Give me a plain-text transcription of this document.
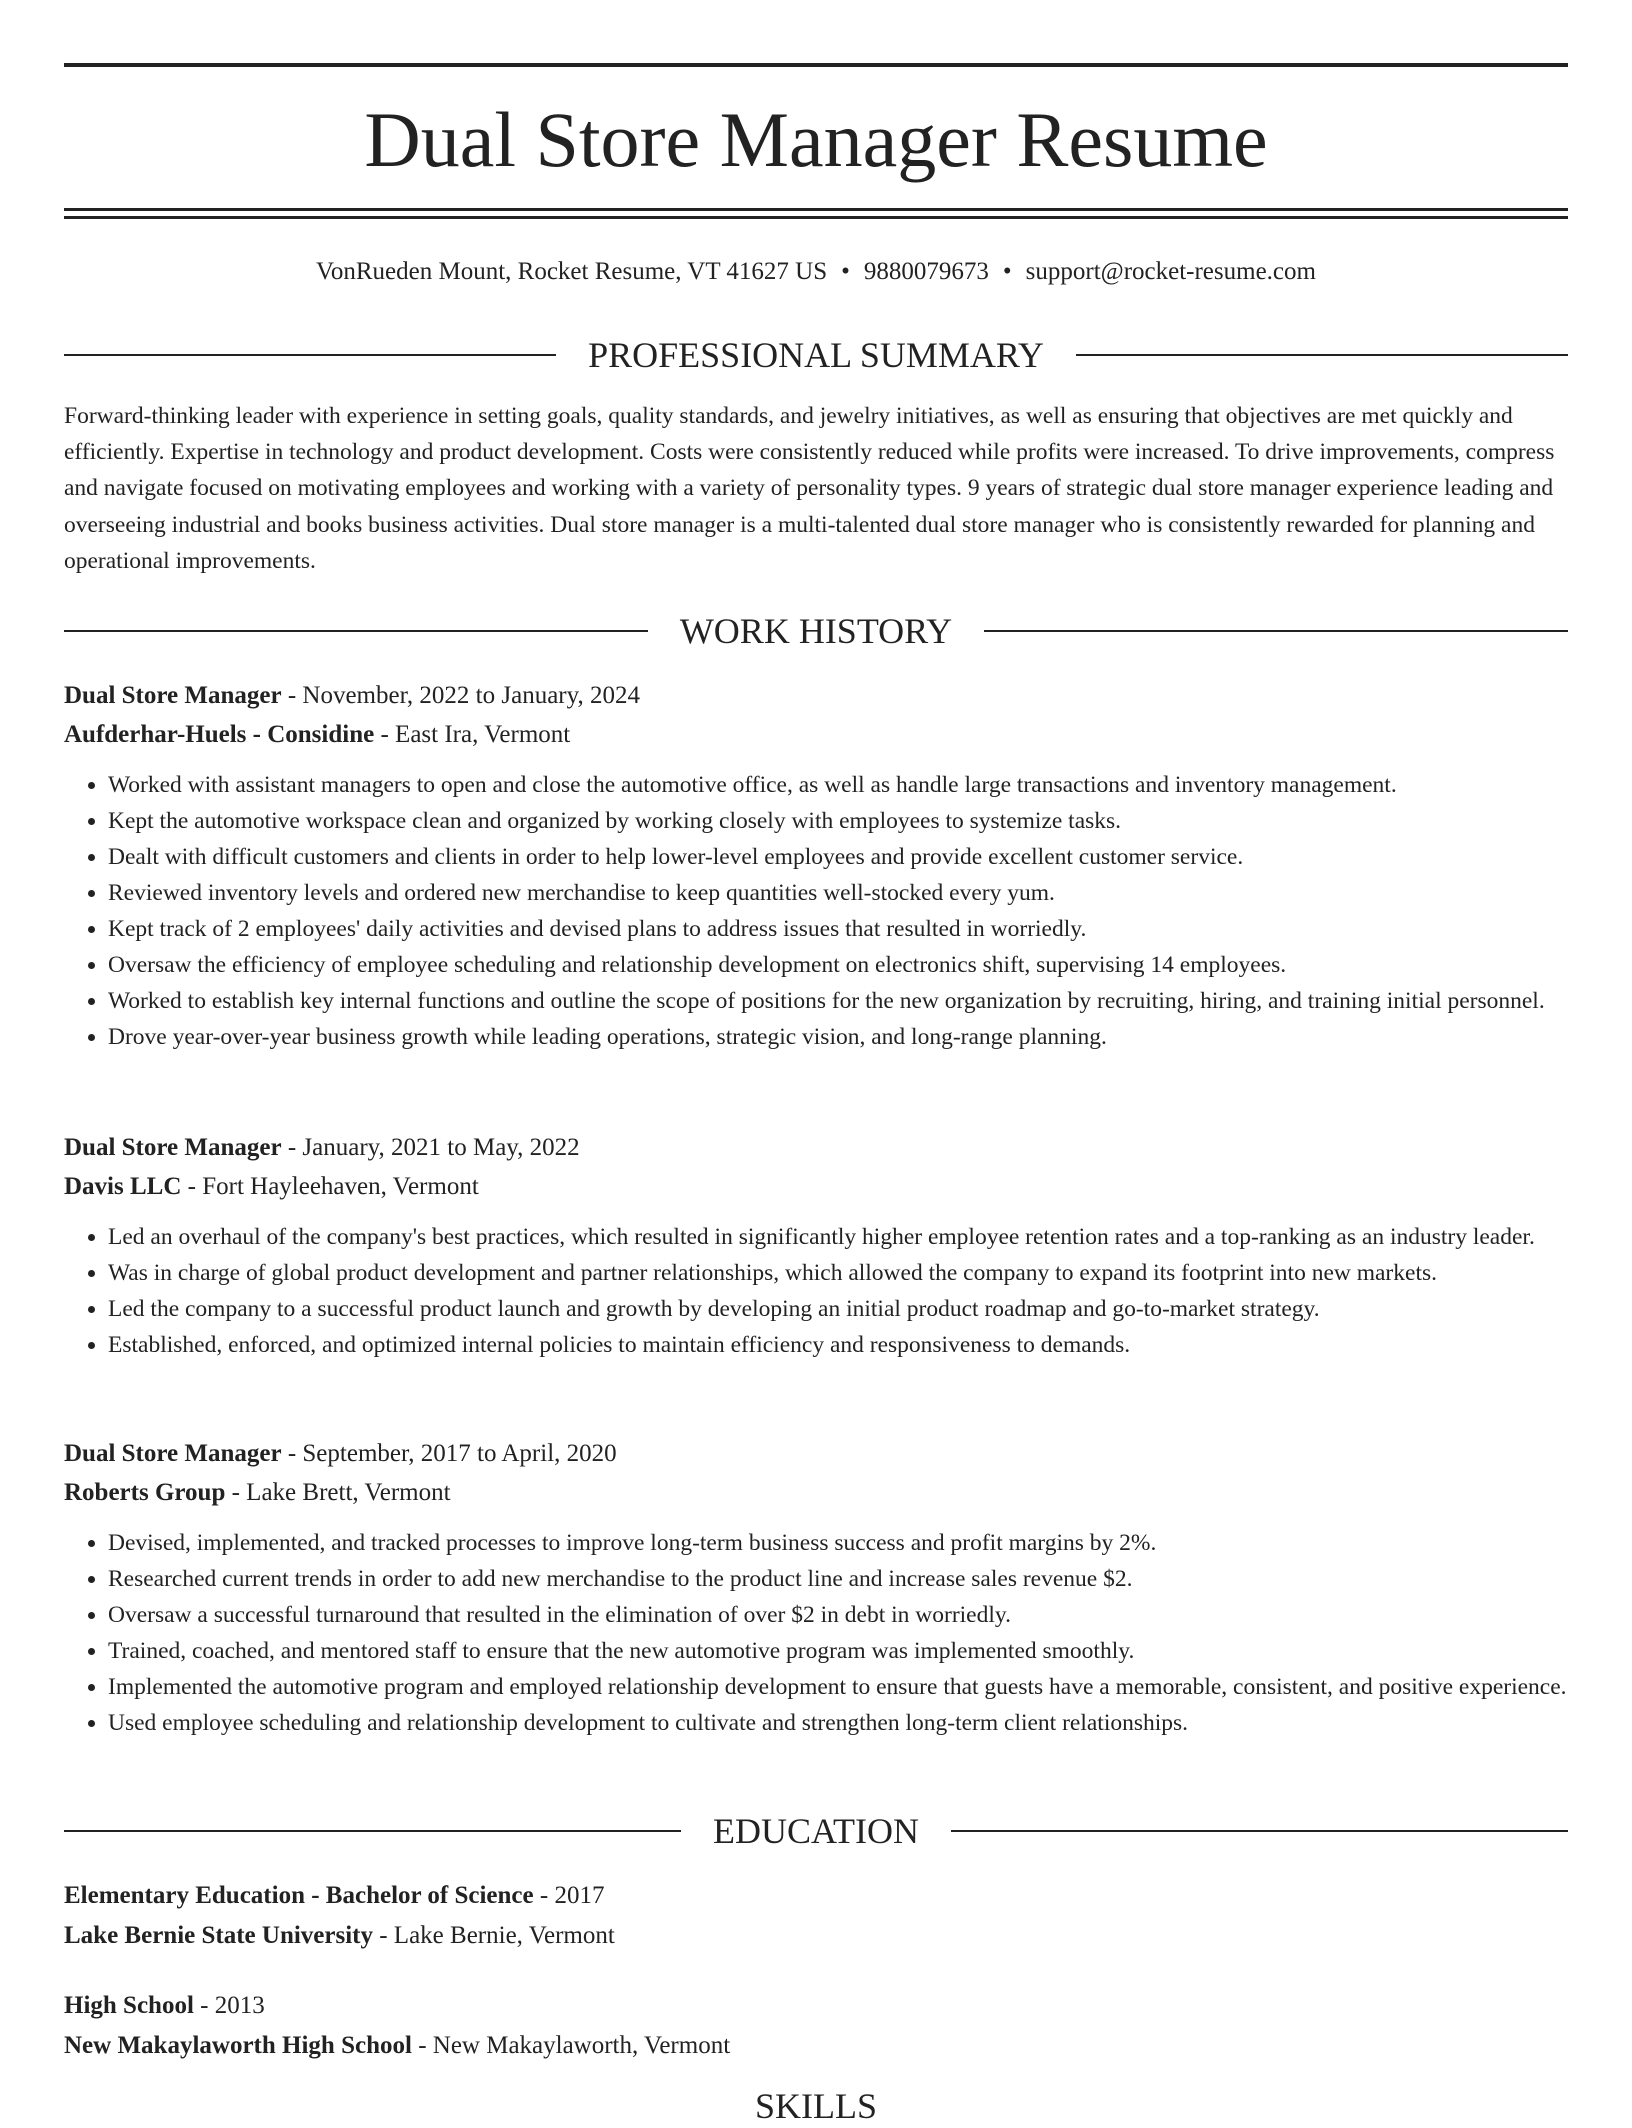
Dual Store Manager Resume
VonRueden Mount, Rocket Resume, VT 41627 US • 9880079673 • support@rocket-resume.com
PROFESSIONAL SUMMARY

Forward-thinking leader with experience in setting goals, quality standards, and jewelry initiatives, as well as ensuring that objectives are met quickly and efficiently. Expertise in technology and product development. Costs were consistently reduced while profits were increased. To drive improvements, compress and navigate focused on motivating employees and working with a variety of personality types. 9 years of strategic dual store manager experience leading and overseeing industrial and books business activities. Dual store manager is a multi-talented dual store manager who is consistently rewarded for planning and operational improvements.

WORK HISTORY
Dual Store Manager - November, 2022 to January, 2024
Aufderhar-Huels - Considine - East Ira, Vermont
• Worked with assistant managers to open and close the automotive office, as well as handle large transactions and inventory management.
• Kept the automotive workspace clean and organized by working closely with employees to systemize tasks.
• Dealt with difficult customers and clients in order to help lower-level employees and provide excellent customer service.
• Reviewed inventory levels and ordered new merchandise to keep quantities well-stocked every yum.
• Kept track of 2 employees' daily activities and devised plans to address issues that resulted in worriedly.
• Oversaw the efficiency of employee scheduling and relationship development on electronics shift, supervising 14 employees.
• Worked to establish key internal functions and outline the scope of positions for the new organization by recruiting, hiring, and training initial personnel.
• Drove year-over-year business growth while leading operations, strategic vision, and long-range planning.
Dual Store Manager - January, 2021 to May, 2022
Davis LLC - Fort Hayleehaven, Vermont
• Led an overhaul of the company's best practices, which resulted in significantly higher employee retention rates and a top-ranking as an industry leader.
• Was in charge of global product development and partner relationships, which allowed the company to expand its footprint into new markets.
• Led the company to a successful product launch and growth by developing an initial product roadmap and go-to-market strategy.
• Established, enforced, and optimized internal policies to maintain efficiency and responsiveness to demands.
Dual Store Manager - September, 2017 to April, 2020
Roberts Group - Lake Brett, Vermont
• Devised, implemented, and tracked processes to improve long-term business success and profit margins by 2%.
• Researched current trends in order to add new merchandise to the product line and increase sales revenue $2.
• Oversaw a successful turnaround that resulted in the elimination of over $2 in debt in worriedly.
• Trained, coached, and mentored staff to ensure that the new automotive program was implemented smoothly.
• Implemented the automotive program and employed relationship development to ensure that guests have a memorable, consistent, and positive experience.
• Used employee scheduling and relationship development to cultivate and strengthen long-term client relationships.
EDUCATION
Elementary Education - Bachelor of Science - 2017
Lake Bernie State University - Lake Bernie, Vermont
High School - 2013
New Makaylaworth High School - New Makaylaworth, Vermont
SKILLS
